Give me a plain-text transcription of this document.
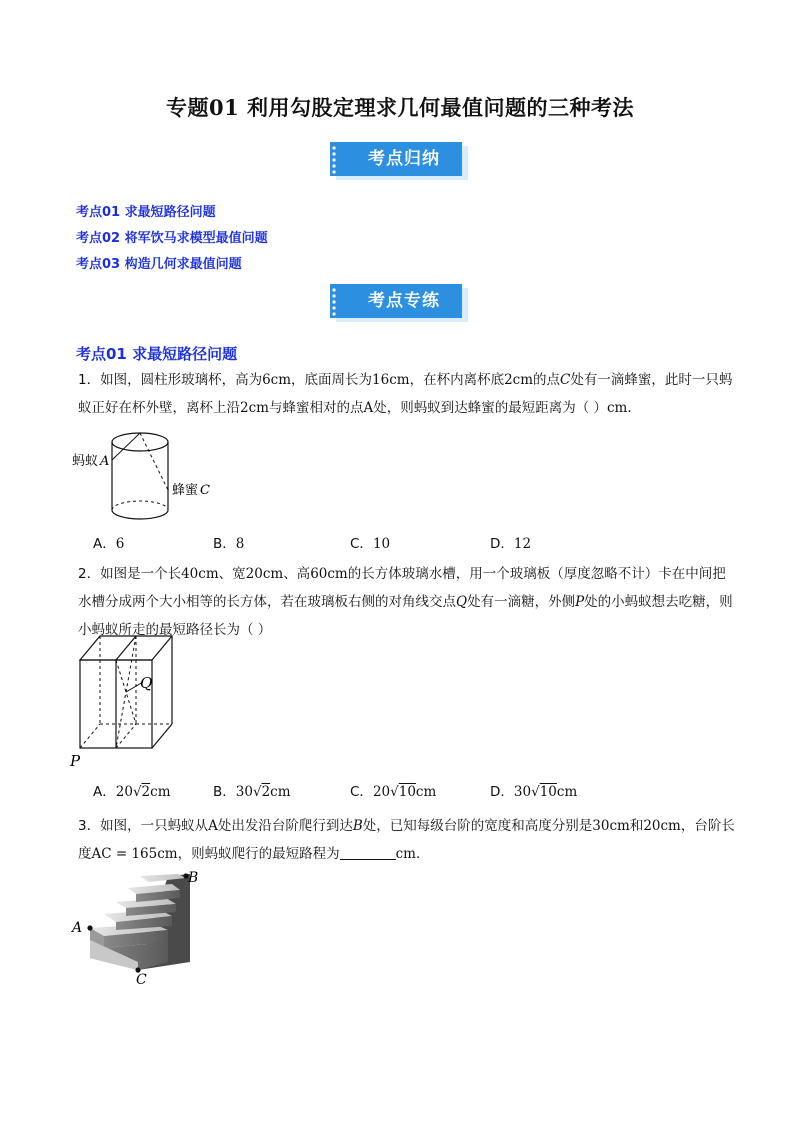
专题01 利用勾股定理求几何最值问题的三种考法
考点归纳
考点01 求最短路径问题
考点02 将军饮马求模型最值问题
考点03 构造几何求最值问题
考点专练
考点01 求最短路径问题
1．如图，圆柱形玻璃杯，高为6cm，底面周长为16cm，在杯内离杯底2cm的点C处有一滴蜂蜜，此时一只蚂蚁正好在杯外壁，离杯上沿2cm与蜂蜜相对的点A处，则蚂蚁到达蜂蜜的最短距离为（ ）cm．
蚂蚁 A
蜂蜜 C
A．6	B．8	C．10	D．12
2．如图是一个长40cm、宽20cm、高60cm的长方体玻璃水槽，用一个玻璃板（厚度忽略不计）卡在中间把水槽分成两个大小相等的长方体，若在玻璃板右侧的对角线交点Q处有一滴糖，外侧P处的小蚂蚁想去吃糖，则小蚂蚁所走的最短路径长为（ ）
Q
P
A．20√2cm	B．30√2cm	C．20√10cm	D．30√10cm
3．如图，一只蚂蚁从A处出发沿台阶爬行到达B处，已知每级台阶的宽度和高度分别是30cm和20cm，台阶长度AC = 165cm，则蚂蚁爬行的最短路程为	cm．
A
B
C
